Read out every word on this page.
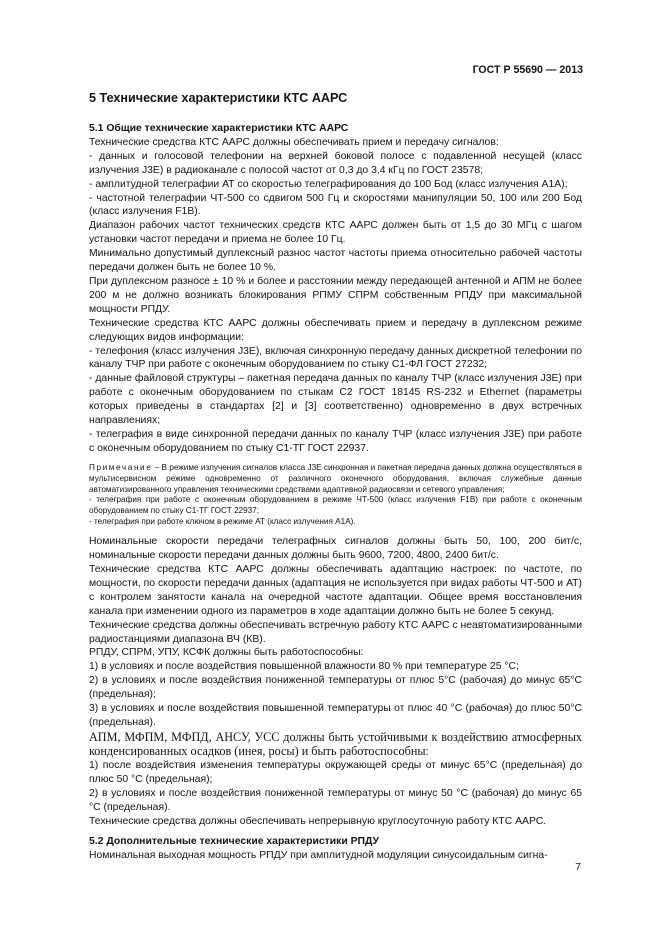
ГОСТ Р 55690 — 2013
5 Технические характеристики КТС ААРС
5.1 Общие технические характеристики КТС ААРС

Технические средства КТС ААРС должны обеспечивать прием и передачу сигналов:

- данных и голосовой телефонии на верхней боковой полосе с подавленной несущей (класс излучения J3E) в радиоканале с полосой частот от 0,3 до 3,4 кГц по ГОСТ 23578;

- амплитудной телеграфии АТ со скоростью телеграфирования до 100 Бод (класс излучения А1А);

- частотной телеграфии ЧТ-500 со сдвигом 500 Гц и скоростями манипуляции 50, 100 или 200 Бод (класс излучения F1B).

Диапазон рабочих частот технических средств КТС ААРС должен быть от 1,5 до 30 МГц с шагом установки частот передачи и приема не более 10 Гц.

Минимально допустимый дуплексный разнос частот частоты приема относительно рабочей частоты передачи должен быть не более 10 %.

При дуплексном разносе ± 10 % и более и расстоянии между передающей антенной и АПМ не более 200 м не должно возникать блокирования РПМУ СПРМ собственным РПДУ при максимальной мощности РПДУ.

Технические средства КТС ААРС должны обеспечивать прием и передачу в дуплексном режиме следующих видов информации:

- телефония (класс излучения J3E), включая синхронную передачу данных дискретной телефонии по каналу ТЧР при работе с оконечным оборудованием по стыку С1-ФЛ ГОСТ 27232;

- данные файловой структуры – пакетная передача данных по каналу ТЧР (класс излучения J3E) при работе с оконечным оборудованием по стыкам С2 ГОСТ 18145 RS-232 и Ethernet (параметры которых приведены в стандартах [2] и [3] соответственно) одновременно в двух встречных направлениях;

- телеграфия в виде синхронной передачи данных по каналу ТЧР (класс излучения J3E) при работе с оконечным оборудованием по стыку С1-ТГ ГОСТ 22937.

Примечание – В режиме излучения сигналов класса J3E синхронная и пакетная передача данных должна осуществляться в мультисервисном режиме одновременно от различного оконечного оборудования, включая служебные данные автоматизированного управления техническими средствами адаптивной радиосвязи и сетевого управления;

- телеграфия при работе с оконечным оборудованием в режиме ЧТ-500 (класс излучения F1B) при работе с оконечным оборудованием по стыку С1-ТГ ГОСТ 22937;

- телеграфия при работе ключом в режиме АТ (класс излучения А1А).

Номинальные скорости передачи телеграфных сигналов должны быть 50, 100, 200 бит/с, номинальные скорости передачи данных должны быть 9600, 7200, 4800, 2400 бит/с.

Технические средства КТС ААРС должны обеспечивать адаптацию настроек: по частоте, по мощности, по скорости передачи данных (адаптация не используется при видах работы ЧТ-500 и АТ) с контролем занятости канала на очередной частоте адаптации. Общее время восстановления канала при изменении одного из параметров в ходе адаптации должно быть не более 5 секунд.

Технические средства должны обеспечивать встречную работу КТС ААРС с неавтоматизированными радиостанциями диапазона ВЧ (КВ).

РПДУ, СПРМ, УПУ, КСФК должны быть работоспособны:

1) в условиях и после воздействия повышенной влажности 80 % при температуре 25 °С;

2) в условиях и после воздействия пониженной температуры от плюс 5°С (рабочая) до минус 65°С (предельная);

3) в условиях и после воздействия повышенной температуры от плюс 40 °С (рабочая) до плюс 50°С (предельная).

АПМ, МФПМ, МФПД, АНСУ, УСС должны быть устойчивыми к воздействию атмосферных конденсированных осадков (инея, росы) и быть работоспособны:

1) после воздействия изменения температуры окружающей среды от минус 65°С (предельная) до плюс 50 °С (предельная);

2) в условиях и после воздействия пониженной температуры от минус 50 °С (рабочая) до минус 65 °С (предельная).

Технические средства должны обеспечивать непрерывную круглосуточную работу КТС ААРС.

5.2 Дополнительные технические характеристики РПДУ

Номинальная выходная мощность РПДУ при амплитудной модуляции синусоидальным сигна-

7
